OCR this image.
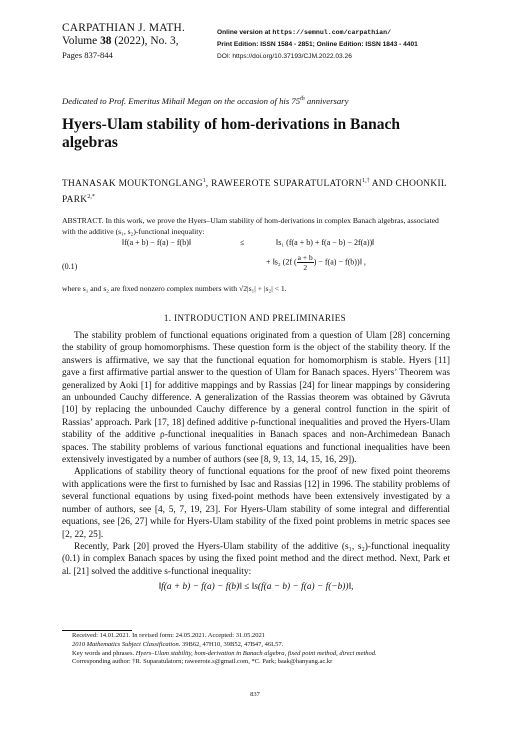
CARPATHIAN J. MATH.
Volume 38 (2022), No. 3,
Pages 837-844
Online version at https://semnul.com/carpathian/
Print Edition: ISSN 1584 - 2851; Online Edition: ISSN 1843 - 4401
DOI: https://doi.org/10.37193/CJM.2022.03.26
Dedicated to Prof. Emeritus Mihail Megan on the occasion of his 75th anniversary
Hyers-Ulam stability of hom-derivations in Banach algebras
THANASAK MOUKTONGLANG$^1$, RAWEEROTE $SUPARATULATORN^{1,\dagger}$ AND CHOONKIL $PARK^{2,*}$
ABSTRACT. In this work, we prove the Hyers–Ulam stability of hom-derivations in complex Banach algebras, associated with the additive (s₁, s₂)-functional inequality:
‖f(a + b) − f(a) − f(b)‖	≤	‖s₁ (f(a + b) + f(a − b) − 2f(a))‖
(0.1)
+ ‖s₂ (2f ( $\frac{a + b}{2}$ ) − f(a) − f(b))‖ ,
where s₁ and s₂ are fixed nonzero complex numbers with √2|s₁| + |s₂| < 1.
1. INTRODUCTION AND PRELIMINARIES

The stability problem of functional equations originated from a question of Ulam [28] concerning the stability of group homomorphisms. These question form is the object of the stability theory. If the answers is affirmative, we say that the functional equation for homomorphism is stable. Hyers [11] gave a first affirmative partial answer to the question of Ulam for Banach spaces. Hyers’ Theorem was generalized by Aoki [1] for additive mappings and by Rassias [24] for linear mappings by considering an unbounded Cauchy difference. A generalization of the Rassias theorem was obtained by Găvruta [10] by replacing the unbounded Cauchy difference by a general control function in the spirit of Rassias’ approach. Park [17, 18] defined additive ρ-functional inequalities and proved the Hyers-Ulam stability of the additive ρ-functional inequalities in Banach spaces and non-Archimedean Banach spaces. The stability problems of various functional equations and functional inequalities have been extensively investigated by a number of authors (see [8, 9, 13, 14, 15, 16, 29]).

Applications of stability theory of functional equations for the proof of new fixed point theorems with applications were the first to furnished by Isac and Rassias [12] in 1996. The stability problems of several functional equations by using fixed-point methods have been extensively investigated by a number of authors, see [4, 5, 7, 19, 23]. For Hyers-Ulam stability of some integral and differential equations, see [26, 27] while for Hyers-Ulam stability of the fixed point problems in metric spaces see [2, 22, 25].

Recently, Park [20] proved the Hyers-Ulam stability of the additive (s₁, s₂)-functional inequality (0.1) in complex Banach spaces by using the fixed point method and the direct method. Next, Park et al. [21] solved the additive s-functional inequality:

‖f(a + b) − f(a) − f(b)‖ ≤ ‖s(f(a − b) − f(a) − f(−b))‖,
Received: 14.01.2021. In revised form: 24.05.2021. Accepted: 31.05.2021
2010 Mathematics Subject Classification. 39B62, 47H10, 39B52, 47B47, 46L57.
Key words and phrases. Hyers–Ulam stability, hom-derivation in Banach algebra, fixed point method, direct method.
Corresponding author: †R. Suparatulatorn; raweerote.s@gmail.com, *C. Park; baak@hanyang.ac.kr
837
